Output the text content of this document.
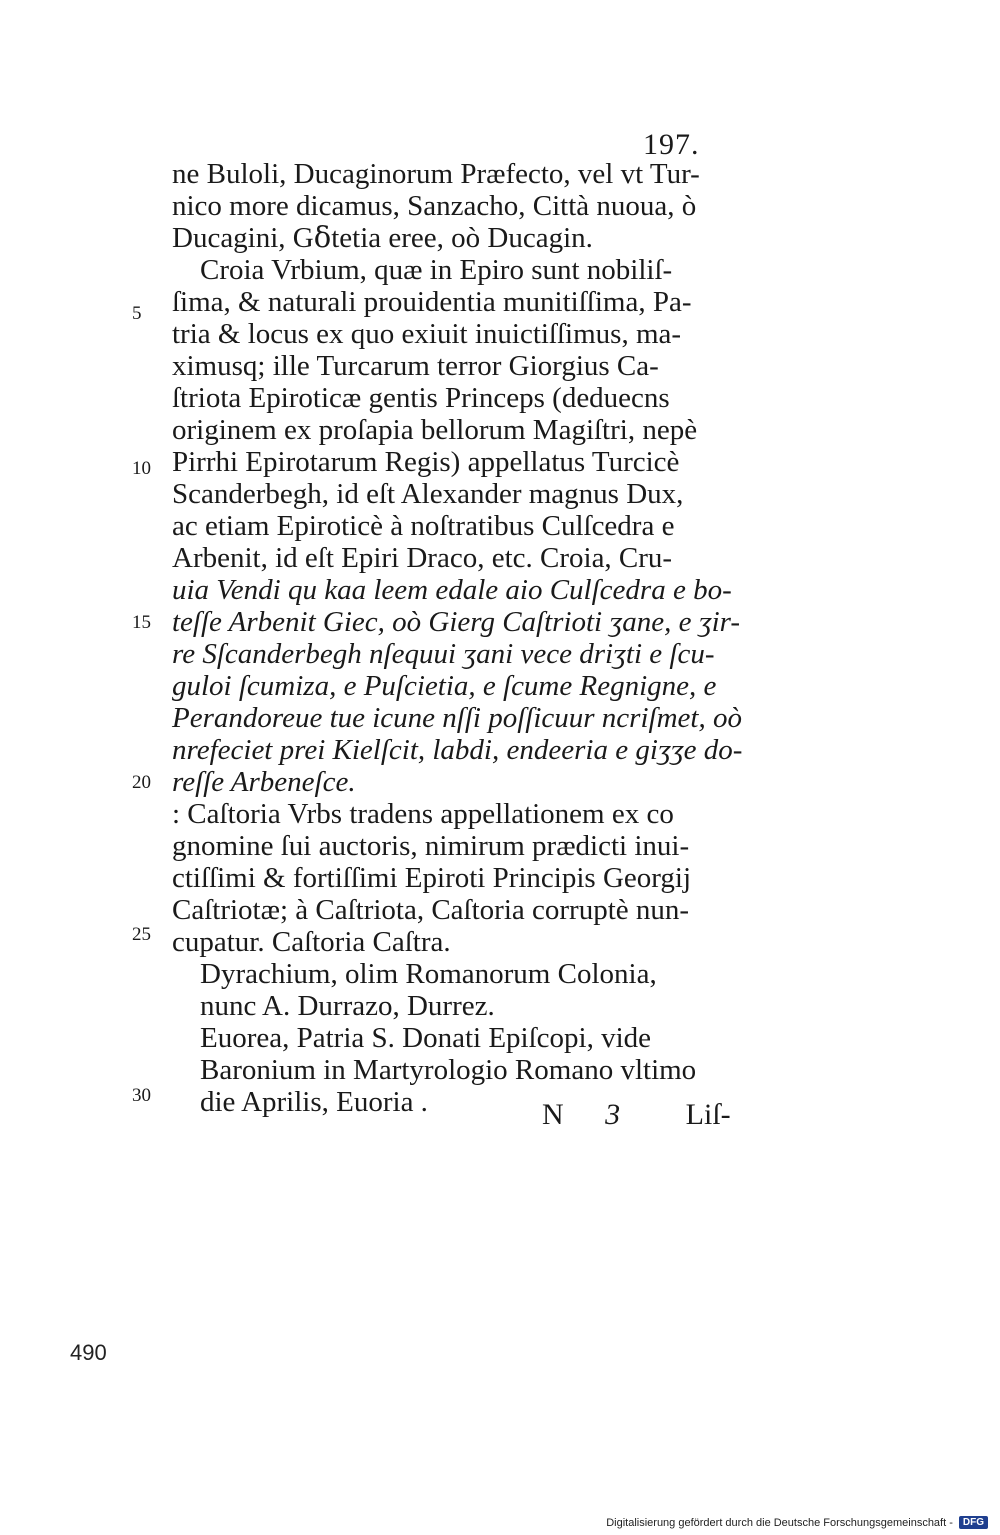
197.
ne Buloli, Ducaginorum Præfecto, vel vt Tur-
nico more dicamus, Sanzacho, Città nuoua, ò
Ducagini, Gẟtetia eree, oò Ducagin.
Croia Vrbium, quæ in Epiro sunt nobiliſ-
ſima, & naturali prouidentia munitiſſima, Pa-
tria & locus ex quo exiuit inuictiſſimus, ma-
ximusq; ille Turcarum terror Giorgius Ca-
ſtriota Epiroticæ gentis Princeps (deduecns
originem ex proſapia bellorum Magiſtri, nepè
Pirrhi Epirotarum Regis) appellatus Turcicè
Scanderbegh, id eſt Alexander magnus Dux,
ac etiam Epiroticè à noſtratibus Culſcedra e
Arbenit, id eſt Epiri Draco, etc. Croia, Cru-
uia Vendi qu kaa leem edale aio Culſcedra e bo-
teſſe Arbenit Giec, oò Gierg Caſtrioti ʒane, e ʒir-
re Sſcanderbegh nſequui ʒani vece driʒti e ſcu-
guloi ſcumiza, e Puſcietia, e ſcume Regnigne, e
Perandoreue tue icune nſſi poſſicuur ncriſmet, oò
nrefeciet prei Kielſcit, labdi, endeeria e giʒʒe do-
reſſe Arbeneſce.
: Caſtoria Vrbs tradens appellationem ex co
gnomine ſui auctoris, nimirum prædicti inui-
ctiſſimi & fortiſſimi Epiroti Principis Georgij
Caſtriotæ; à Caſtriota, Caſtoria corruptè nun-
cupatur. Caſtoria Caſtra.
Dyrachium, olim Romanorum Colonia,
nunc A. Durrazo, Durrez.
Euorea, Patria S. Donati Epiſcopi, vide
Baronium in Martyrologio Romano vltimo
die Aprilis, Euoria .
5
10
15
20
25
30
N 3 Liſ-
490
Digitalisierung gefördert durch die Deutsche Forschungsgemeinschaft -	DFG
